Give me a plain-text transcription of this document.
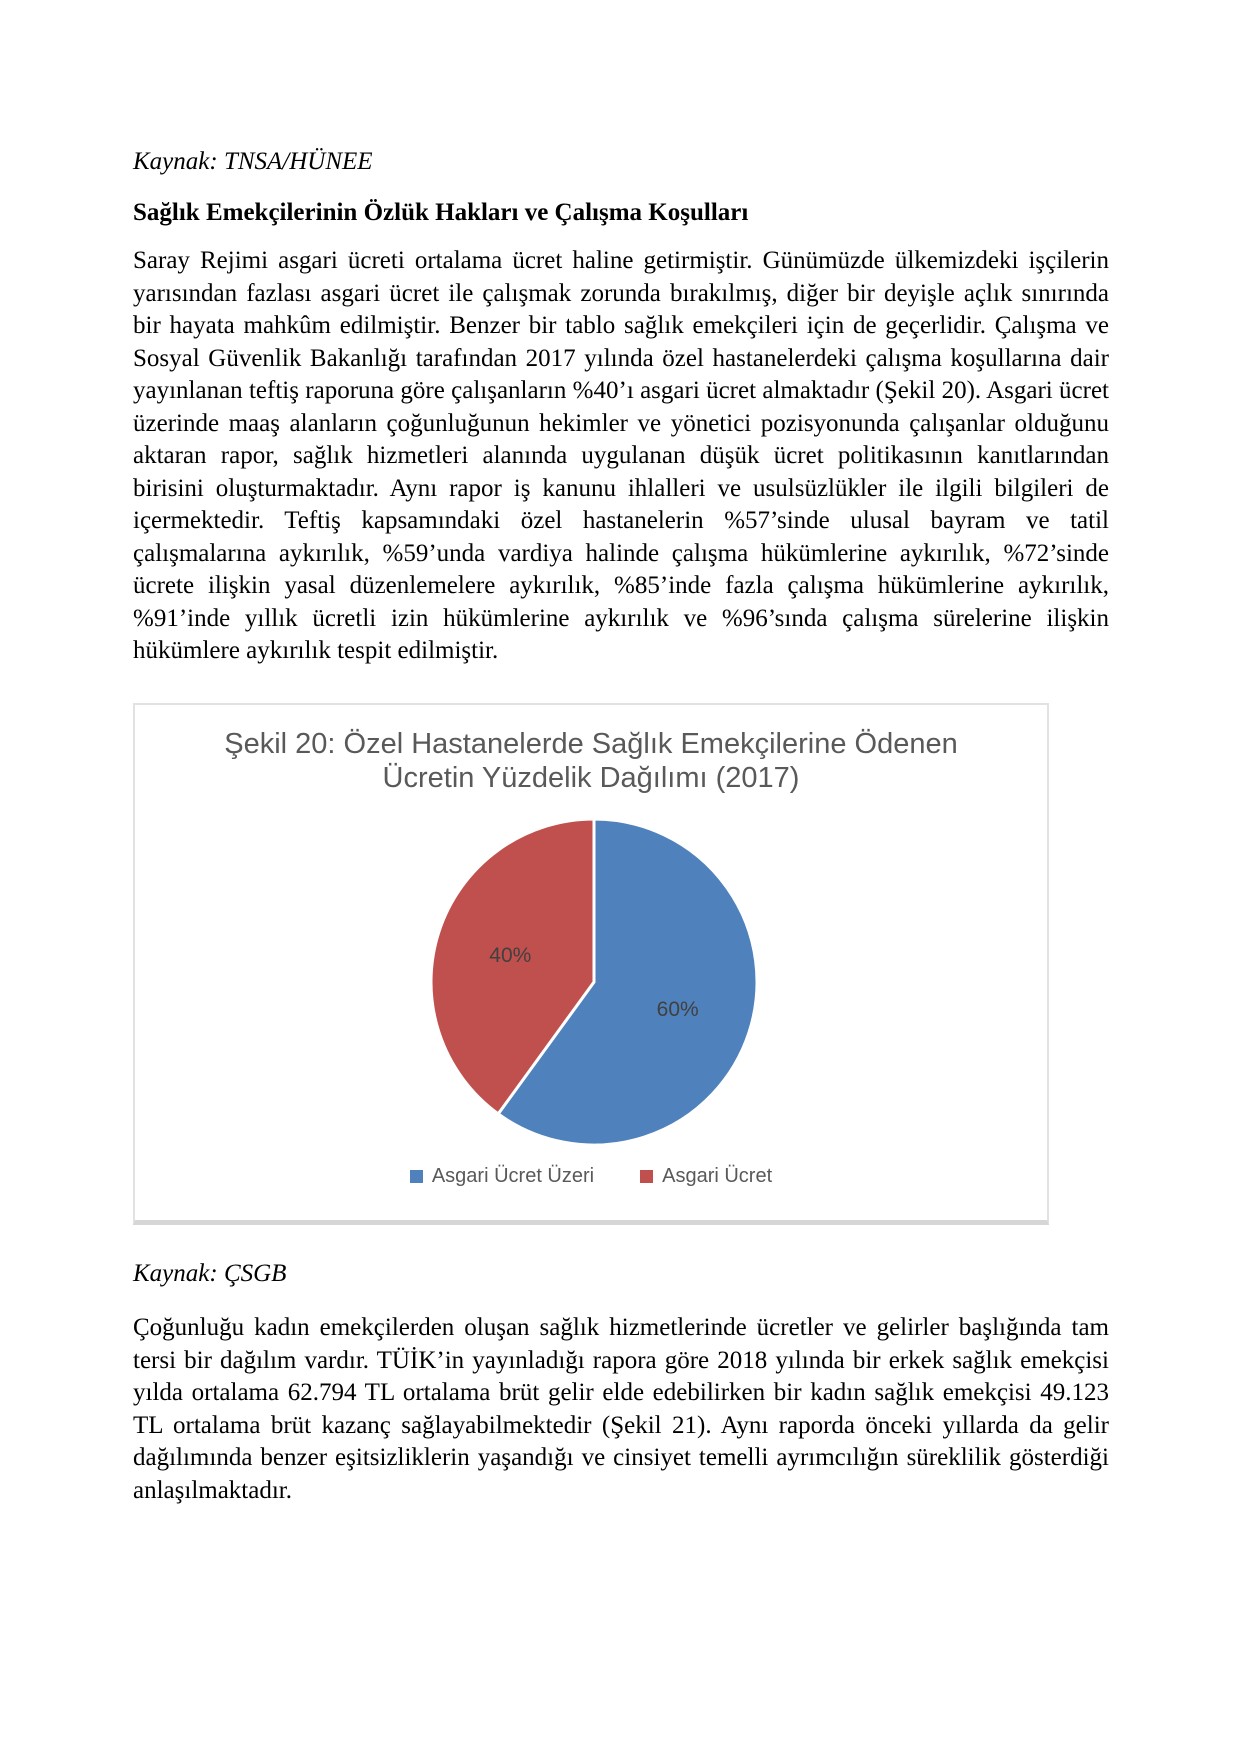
Kaynak: TNSA/HÜNEE

Sağlık Emekçilerinin Özlük Hakları ve Çalışma Koşulları

Saray Rejimi asgari ücreti ortalama ücret haline getirmiştir. Günümüzde ülkemizdeki işçilerin yarısından fazlası asgari ücret ile çalışmak zorunda bırakılmış, diğer bir deyişle açlık sınırında bir hayata mahkûm edilmiştir. Benzer bir tablo sağlık emekçileri için de geçerlidir. Çalışma ve Sosyal Güvenlik Bakanlığı tarafından 2017 yılında özel hastanelerdeki çalışma koşullarına dair yayınlanan teftiş raporuna göre çalışanların %40’ı asgari ücret almaktadır (Şekil 20). Asgari ücret üzerinde maaş alanların çoğunluğunun hekimler ve yönetici pozisyonunda çalışanlar olduğunu aktaran rapor, sağlık hizmetleri alanında uygulanan düşük ücret politikasının kanıtlarından birisini oluşturmaktadır. Aynı rapor iş kanunu ihlalleri ve usulsüzlükler ile ilgili bilgileri de içermektedir. Teftiş kapsamındaki özel hastanelerin %57’sinde ulusal bayram ve tatil çalışmalarına aykırılık, %59’unda vardiya halinde çalışma hükümlerine aykırılık, %72’sinde ücrete ilişkin yasal düzenlemelere aykırılık, %85’inde fazla çalışma hükümlerine aykırılık, %91’inde yıllık ücretli izin hükümlerine aykırılık ve %96’sında çalışma sürelerine ilişkin hükümlere aykırılık tespit edilmiştir.

Şekil 20: Özel Hastanelerde Sağlık Emekçilerine Ödenen
Ücretin Yüzdelik Dağılımı (2017)
60%
40%
Asgari Ücret Üzeri	Asgari Ücret

Kaynak: ÇSGB

Çoğunluğu kadın emekçilerden oluşan sağlık hizmetlerinde ücretler ve gelirler başlığında tam tersi bir dağılım vardır. TÜİK’in yayınladığı rapora göre 2018 yılında bir erkek sağlık emekçisi yılda ortalama 62.794 TL ortalama brüt gelir elde edebilirken bir kadın sağlık emekçisi 49.123 TL ortalama brüt kazanç sağlayabilmektedir (Şekil 21). Aynı raporda önceki yıllarda da gelir dağılımında benzer eşitsizliklerin yaşandığı ve cinsiyet temelli ayrımcılığın süreklilik gösterdiği anlaşılmaktadır.
